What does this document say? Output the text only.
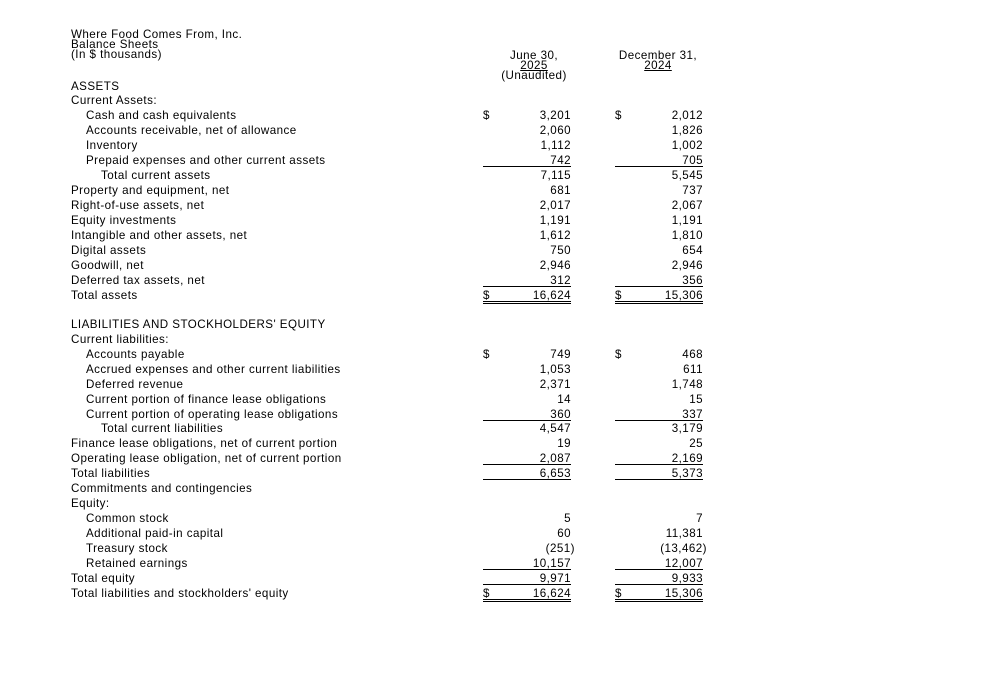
Where Food Comes From, Inc.
Balance Sheets
(In $ thousands)	June 30,
2025
(Unaudited)
December 31,
2024
ASSETS
Current Assets:
Cash and cash equivalents	$	3,201	$	2,012
Accounts receivable, net of allowance	2,060	1,826
Inventory	1,112	1,002
Prepaid expenses and other current assets	742	705
Total current assets	7,115	5,545
Property and equipment, net	681	737
Right-of-use assets, net	2,017	2,067
Equity investments	1,191	1,191
Intangible and other assets, net	1,612	1,810
Digital assets	750	654
Goodwill, net	2,946	2,946
Deferred tax assets, net	312	356
Total assets	$	16,624	$	15,306
LIABILITIES AND STOCKHOLDERS' EQUITY
Current liabilities:
Accounts payable	$	749	$	468
Accrued expenses and other current liabilities	1,053	611
Deferred revenue	2,371	1,748
Current portion of finance lease obligations	14	15
Current portion of operating lease obligations	360	337
Total current liabilities	4,547	3,179
Finance lease obligations, net of current portion	19	25
Operating lease obligation, net of current portion	2,087	2,169
Total liabilities	6,653	5,373
Commitments and contingencies
Equity:
Common stock	5	7
Additional paid-in capital	60	11,381
Treasury stock	(251)	(13,462)
Retained earnings	10,157	12,007
Total equity	9,971	9,933
Total liabilities and stockholders' equity	$	16,624	$	15,306
